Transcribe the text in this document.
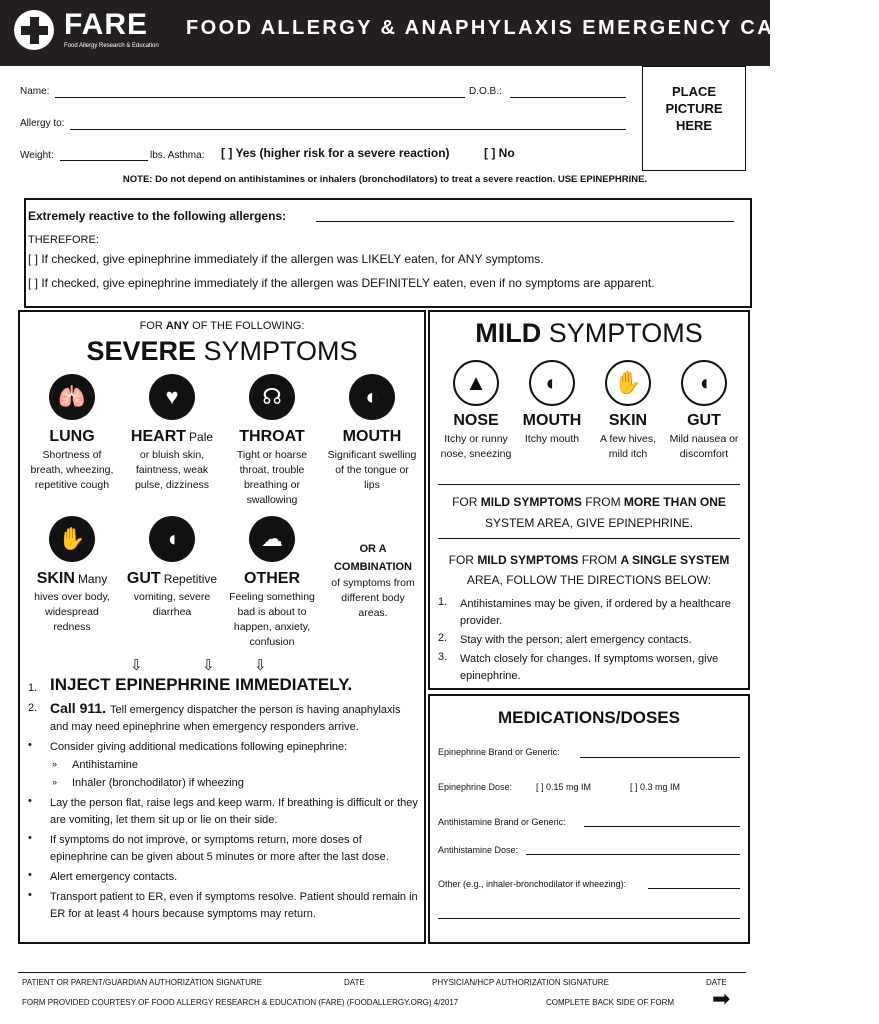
FARE
Food Allergy Research & Education
FOOD ALLERGY & ANAPHYLAXIS EMERGENCY CARE PLAN
Name:	D.O.B.:
Allergy to:
Weight:	lbs. Asthma: [ ] Yes (higher risk for a severe reaction)	[ ] No
PLACE
PICTURE
HERE
NOTE: Do not depend on antihistamines or inhalers (bronchodilators) to treat a severe reaction. USE EPINEPHRINE.
Extremely reactive to the following allergens:
THEREFORE:
[ ] If checked, give epinephrine immediately if the allergen was LIKELY eaten, for ANY symptoms.
[ ] If checked, give epinephrine immediately if the allergen was DEFINITELY eaten, even if no symptoms are apparent.
FOR ANY OF THE FOLLOWING:
SEVERE SYMPTOMS
🫁
LUNG
Shortness of breath, wheezing, repetitive cough
♥
HEART Pale
or bluish skin, faintness, weak pulse, dizziness
☊
THROAT
Tight or hoarse throat, trouble breathing or swallowing
◐
MOUTH
Significant swelling of the tongue or lips
✋
SKIN Many
hives over body, widespread redness
◖
GUT Repetitive
vomiting, severe diarrhea
☁
OTHER
Feeling something bad is about to happen, anxiety, confusion
OR A COMBINATION
of symptoms from different body areas.
⇩	⇩	⇩
1. INJECT EPINEPHRINE IMMEDIATELY.
2. Call 911. Tell emergency dispatcher the person is having anaphylaxis and may need epinephrine when emergency responders arrive.
•	Consider giving additional medications following epinephrine:
»	Antihistamine
»	Inhaler (bronchodilator) if wheezing
•	Lay the person flat, raise legs and keep warm. If breathing is difficult or they are vomiting, let them sit up or lie on their side.
•	If symptoms do not improve, or symptoms return, more doses of epinephrine can be given about 5 minutes or more after the last dose.
•	Alert emergency contacts.
•	Transport patient to ER, even if symptoms resolve. Patient should remain in ER for at least 4 hours because symptoms may return.
MILD SYMPTOMS
▲
NOSE
Itchy or runny nose, sneezing
◐
MOUTH
Itchy mouth
✋
SKIN
A few hives, mild itch
◖
GUT
Mild nausea or discomfort
FOR MILD SYMPTOMS FROM MORE THAN ONE SYSTEM AREA, GIVE EPINEPHRINE.
FOR MILD SYMPTOMS FROM A SINGLE SYSTEM AREA, FOLLOW THE DIRECTIONS BELOW:
1.	Antihistamines may be given, if ordered by a healthcare provider.
2.	Stay with the person; alert emergency contacts.
3.	Watch closely for changes. If symptoms worsen, give epinephrine.
MEDICATIONS/DOSES
Epinephrine Brand or Generic:
Epinephrine Dose:	[ ] 0.15 mg IM	[ ] 0.3 mg IM
Antihistamine Brand or Generic:
Antihistamine Dose:
Other (e.g., inhaler-bronchodilator if wheezing):
PATIENT OR PARENT/GUARDIAN AUTHORIZATION SIGNATURE	DATE	PHYSICIAN/HCP AUTHORIZATION SIGNATURE	DATE
FORM PROVIDED COURTESY OF FOOD ALLERGY RESEARCH & EDUCATION (FARE) (FOODALLERGY.ORG) 4/2017	COMPLETE BACK SIDE OF FORM ➡
